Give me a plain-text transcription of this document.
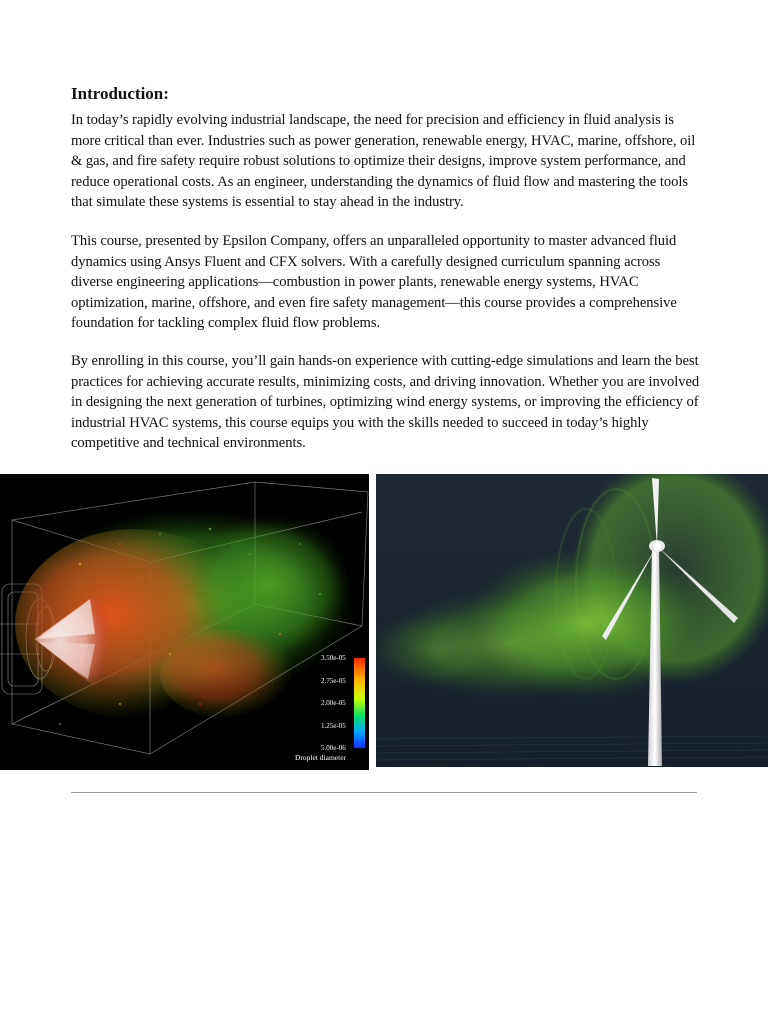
Introduction:

In today’s rapidly evolving industrial landscape, the need for precision and efficiency in fluid analysis is more critical than ever. Industries such as power generation, renewable energy, HVAC, marine, offshore, oil & gas, and fire safety require robust solutions to optimize their designs, improve system performance, and reduce operational costs. As an engineer, understanding the dynamics of fluid flow and mastering the tools that simulate these systems is essential to stay ahead in the industry.

This course, presented by Epsilon Company, offers an unparalleled opportunity to master advanced fluid dynamics using Ansys Fluent and CFX solvers. With a carefully designed curriculum spanning across diverse engineering applications—combustion in power plants, renewable energy systems, HVAC optimization, marine, offshore, and even fire safety management—this course provides a comprehensive foundation for tackling complex fluid flow problems.

By enrolling in this course, you’ll gain hands-on experience with cutting-edge simulations and learn the best practices for achieving accurate results, minimizing costs, and driving innovation. Whether you are involved in designing the next generation of turbines, optimizing wind energy systems, or improving the efficiency of industrial HVAC systems, this course equips you with the skills needed to succeed in today’s highly competitive and technical environments.

3.50e-05
2.75e-05
2.00e-05
1.25e-05
5.00e-06
Droplet diameter
